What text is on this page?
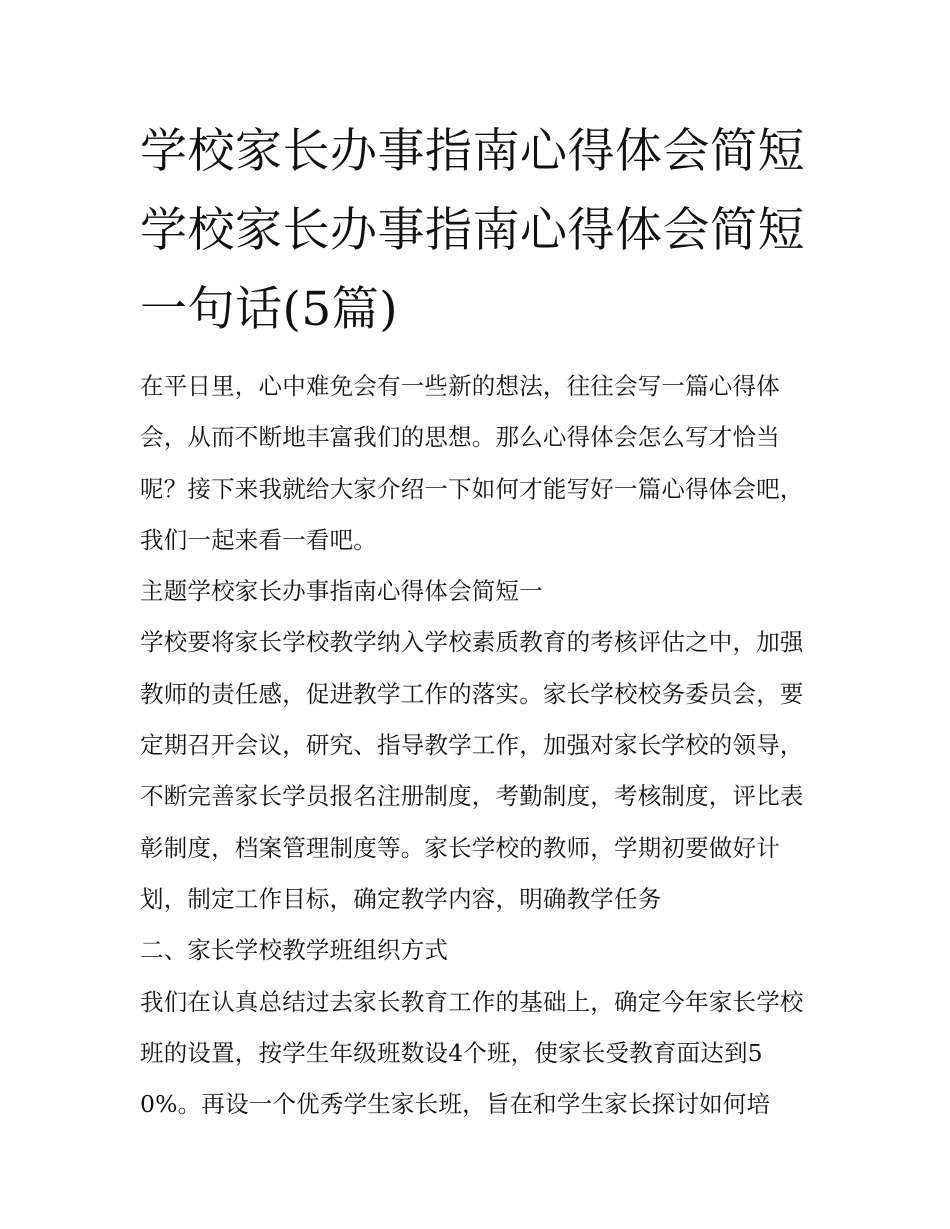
学校家长办事指南心得体会简短 学校家长办事指南心得体会简短一句话(5篇)

在平日里，心中难免会有一些新的想法，往往会写一篇心得体会，从而不断地丰富我们的思想。那么心得体会怎么写才恰当呢？接下来我就给大家介绍一下如何才能写好一篇心得体会吧，我们一起来看一看吧。

主题学校家长办事指南心得体会简短一

学校要将家长学校教学纳入学校素质教育的考核评估之中，加强教师的责任感，促进教学工作的落实。家长学校校务委员会，要定期召开会议，研究、指导教学工作，加强对家长学校的领导，不断完善家长学员报名注册制度，考勤制度，考核制度，评比表彰制度，档案管理制度等。家长学校的教师，学期初要做好计划，制定工作目标，确定教学内容，明确教学任务

二、家长学校教学班组织方式

我们在认真总结过去家长教育工作的基础上，确定今年家长学校班的设置，按学生年级班数设4个班，使家长受教育面达到50%。再设一个优秀学生家长班，旨在和学生家长探讨如何培
